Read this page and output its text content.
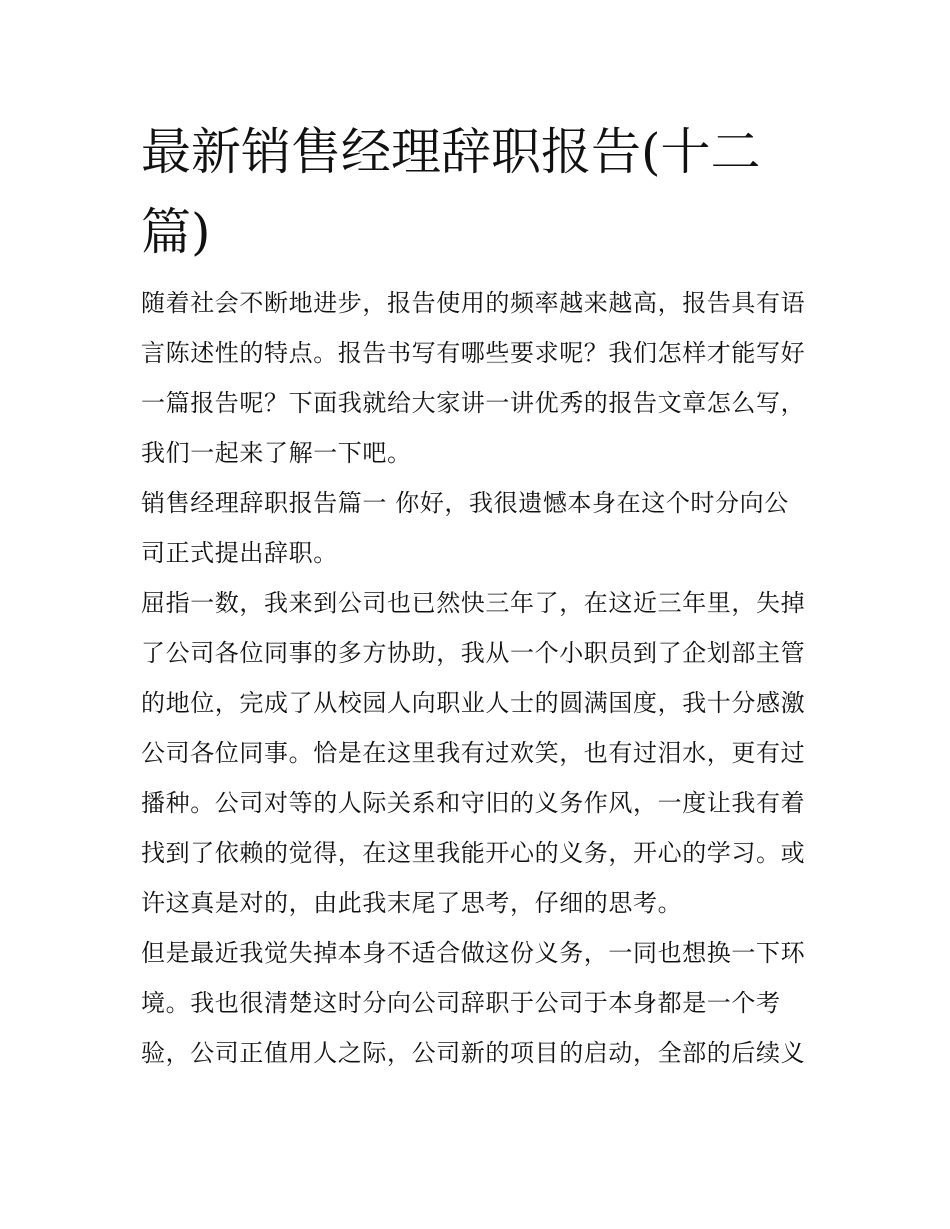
最新销售经理辞职报告(十二
篇)
随着社会不断地进步，报告使用的频率越来越高，报告具有语
言陈述性的特点。报告书写有哪些要求呢？我们怎样才能写好
一篇报告呢？下面我就给大家讲一讲优秀的报告文章怎么写，
我们一起来了解一下吧。
销售经理辞职报告篇一 你好，我很遗憾本身在这个时分向公
司正式提出辞职。
屈指一数，我来到公司也已然快三年了，在这近三年里，失掉
了公司各位同事的多方协助，我从一个小职员到了企划部主管
的地位，完成了从校园人向职业人士的圆满国度，我十分感激
公司各位同事。恰是在这里我有过欢笑，也有过泪水，更有过
播种。公司对等的人际关系和守旧的义务作风，一度让我有着
找到了依赖的觉得，在这里我能开心的义务，开心的学习。或
许这真是对的，由此我末尾了思考，仔细的思考。
但是最近我觉失掉本身不适合做这份义务，一同也想换一下环
境。我也很清楚这时分向公司辞职于公司于本身都是一个考
验，公司正值用人之际，公司新的项目的启动，全部的后续义
